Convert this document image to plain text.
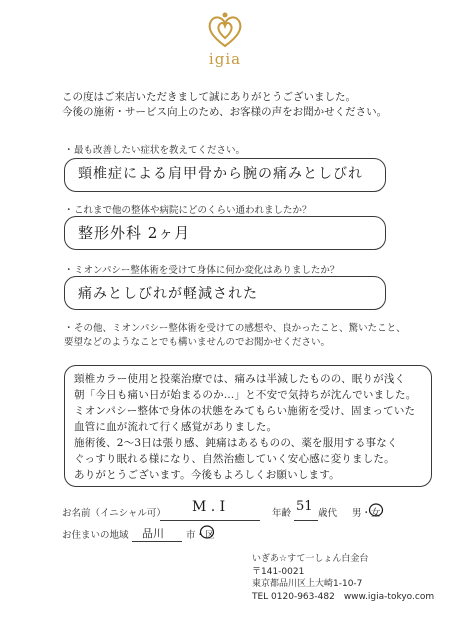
igia
この度はご来店いただきまして誠にありがとうございました。
今後の施術・サービス向上のため、お客様の声をお聞かせください。
・最も改善したい症状を教えてください。
頸椎症による肩甲骨から腕の痛みとしびれ
・これまで他の整体や病院にどのくらい通われましたか？
整形外科 2ヶ月
・ミオンパシー整体術を受けて身体に何か変化はありましたか？
痛みとしびれが軽減された
・その他、ミオンパシー整体術を受けての感想や、良かったこと、驚いたこと、
要望などのようなことでも構いませんのでお聞かせください。
頸椎カラー使用と投薬治療では、痛みは半減したものの、眠りが浅く
朝「今日も痛い日が始まるのか…」と不安で気持ちが沈んでいました。
ミオンパシー整体で身体の状態をみてもらい施術を受け、固まっていた
血管に血が流れて行く感覚がありました。
施術後、2～3日は張り感、鈍痛はあるものの、薬を服用する事なく
ぐっすり眠れる様になり、自然治癒していく安心感に変りました。
ありがとうございます。今後もよろしくお願いします。
お名前（イニシャル可） M . I	年齢 51 歳代 男・女
お住まいの地域 品川 市・区
いぎあ☆すて一しょん白金台
〒141-0021
東京都品川区上大崎1-10-7
TEL 0120-963-482　www.igia-tokyo.com
